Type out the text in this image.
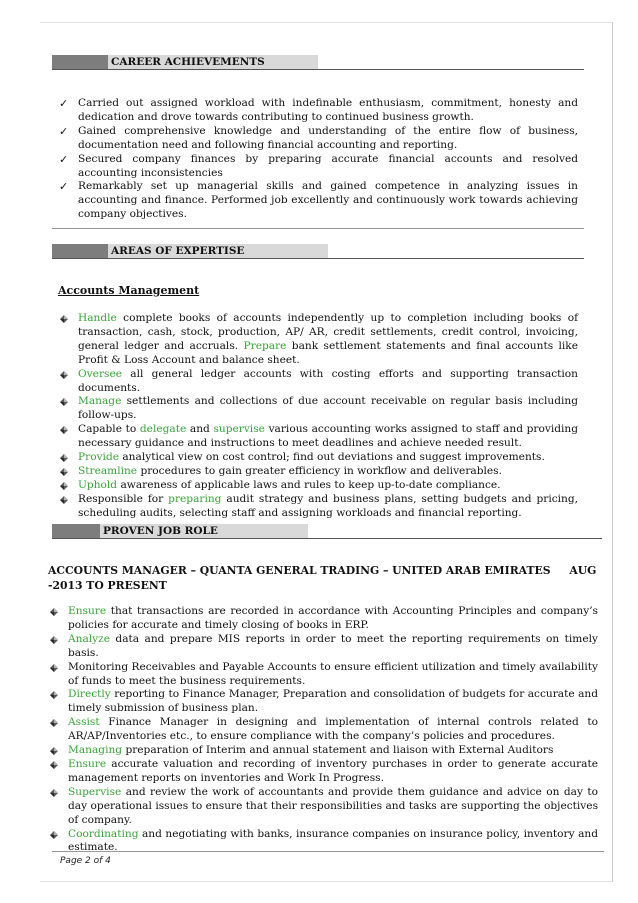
CAREER ACHIEVEMENTS
✓ Carried out assigned workload with indefinable enthusiasm, commitment, honesty and dedication and drove towards contributing to continued business growth.
✓ Gained comprehensive knowledge and understanding of the entire flow of business, documentation need and following financial accounting and reporting.
✓ Secured company finances by preparing accurate financial accounts and resolved accounting inconsistencies
✓ Remarkably set up managerial skills and gained competence in analyzing issues in accounting and finance. Performed job excellently and continuously work towards achieving company objectives.
AREAS OF EXPERTISE
Accounts Management
Handle complete books of accounts independently up to completion including books of transaction, cash, stock, production, AP/ AR, credit settlements, credit control, invoicing, general ledger and accruals. Prepare bank settlement statements and final accounts like Profit & Loss Account and balance sheet.
Oversee all general ledger accounts with costing efforts and supporting transaction documents.
Manage settlements and collections of due account receivable on regular basis including follow-ups.
Capable to delegate and supervise various accounting works assigned to staff and providing necessary guidance and instructions to meet deadlines and achieve needed result.
Provide analytical view on cost control; find out deviations and suggest improvements.
Streamline procedures to gain greater efficiency in workflow and deliverables.
Uphold awareness of applicable laws and rules to keep up-to-date compliance.
Responsible for preparing audit strategy and business plans, setting budgets and pricing, scheduling audits, selecting staff and assigning workloads and financial reporting.
PROVEN JOB ROLE
ACCOUNTS MANAGER – QUANTA GENERAL TRADING – UNITED ARAB EMIRATES AUG -2013 TO PRESENT
Ensure that transactions are recorded in accordance with Accounting Principles and company’s policies for accurate and timely closing of books in ERP.
Analyze data and prepare MIS reports in order to meet the reporting requirements on timely basis.
Monitoring Receivables and Payable Accounts to ensure efficient utilization and timely availability of funds to meet the business requirements.
Directly reporting to Finance Manager, Preparation and consolidation of budgets for accurate and timely submission of business plan.
Assist Finance Manager in designing and implementation of internal controls related to AR/AP/Inventories etc., to ensure compliance with the company’s policies and procedures.
Managing preparation of Interim and annual statement and liaison with External Auditors
Ensure accurate valuation and recording of inventory purchases in order to generate accurate management reports on inventories and Work In Progress.
Supervise and review the work of accountants and provide them guidance and advice on day to day operational issues to ensure that their responsibilities and tasks are supporting the objectives of company.
Coordinating and negotiating with banks, insurance companies on insurance policy, inventory and estimate.
Page 2 of 4
